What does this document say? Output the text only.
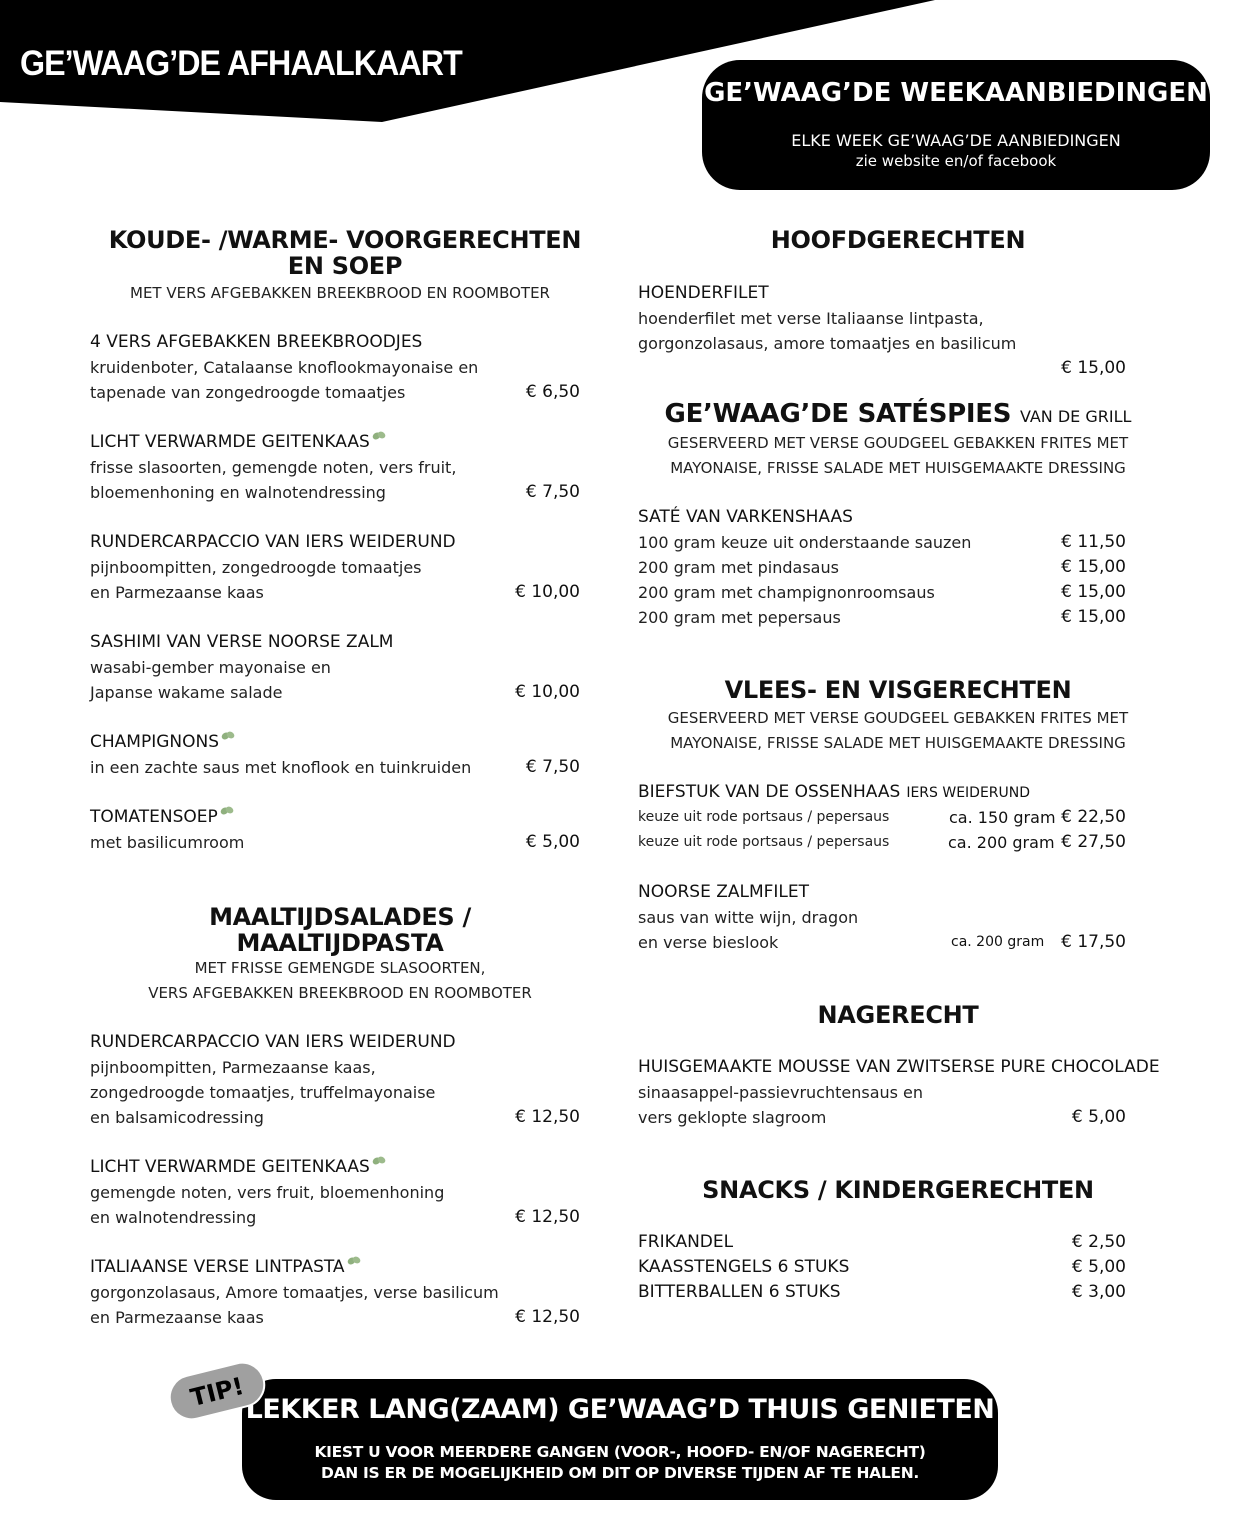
GE’WAAG’DE AFHAALKAART
GE’WAAG’DE WEEKAANBIEDINGEN
ELKE WEEK GE’WAAG’DE AANBIEDINGEN
zie website en/of facebook
KOUDE- /WARME- VOORGERECHTEN
EN SOEP
MET VERS AFGEBAKKEN BREEKBROOD EN ROOMBOTER
4 VERS AFGEBAKKEN BREEKBROODJES
kruidenboter, Catalaanse knoflookmayonaise en
tapenade van zongedroogde tomaatjes	€ 6,50
LICHT VERWARMDE GEITENKAAS
frisse slasoorten, gemengde noten, vers fruit,
bloemenhoning en walnotendressing	€ 7,50
RUNDERCARPACCIO VAN IERS WEIDERUND
pijnboompitten, zongedroogde tomaatjes
en Parmezaanse kaas	€ 10,00
SASHIMI VAN VERSE NOORSE ZALM
wasabi-gember mayonaise en
Japanse wakame salade	€ 10,00
CHAMPIGNONS
in een zachte saus met knoflook en tuinkruiden	€ 7,50
TOMATENSOEP
met basilicumroom	€ 5,00
MAALTIJDSALADES /
MAALTIJDPASTA
MET FRISSE GEMENGDE SLASOORTEN,
VERS AFGEBAKKEN BREEKBROOD EN ROOMBOTER
RUNDERCARPACCIO VAN IERS WEIDERUND
pijnboompitten, Parmezaanse kaas,
zongedroogde tomaatjes, truffelmayonaise
en balsamicodressing	€ 12,50
LICHT VERWARMDE GEITENKAAS
gemengde noten, vers fruit, bloemenhoning
en walnotendressing	€ 12,50
ITALIAANSE VERSE LINTPASTA
gorgonzolasaus, Amore tomaatjes, verse basilicum
en Parmezaanse kaas	€ 12,50
HOOFDGERECHTEN
HOENDERFILET
hoenderfilet met verse Italiaanse lintpasta,
gorgonzolasaus, amore tomaatjes en basilicum
€ 15,00
GE’WAAG’DE SATÉSPIES VAN DE GRILL
GESERVEERD MET VERSE GOUDGEEL GEBAKKEN FRITES MET
MAYONAISE, FRISSE SALADE MET HUISGEMAAKTE DRESSING
SATÉ VAN VARKENSHAAS
100 gram keuze uit onderstaande sauzen	€ 11,50
200 gram met pindasaus	€ 15,00
200 gram met champignonroomsaus	€ 15,00
200 gram met pepersaus	€ 15,00
VLEES- EN VISGERECHTEN
GESERVEERD MET VERSE GOUDGEEL GEBAKKEN FRITES MET
MAYONAISE, FRISSE SALADE MET HUISGEMAAKTE DRESSING
BIEFSTUK VAN DE OSSENHAAS IERS WEIDERUND
keuze uit rode portsaus / pepersaus	ca. 150 gram € 22,50
keuze uit rode portsaus / pepersaus	ca. 200 gram € 27,50
NOORSE ZALMFILET
saus van witte wijn, dragon
en verse bieslook	ca. 200 gram € 17,50
NAGERECHT
HUISGEMAAKTE MOUSSE VAN ZWITSERSE PURE CHOCOLADE
sinaasappel-passievruchtensaus en
vers geklopte slagroom	€ 5,00
SNACKS / KINDERGERECHTEN
FRIKANDEL	€ 2,50
KAASSTENGELS 6 STUKS	€ 5,00
BITTERBALLEN 6 STUKS	€ 3,00
LEKKER LANG(ZAAM) GE’WAAG’D THUIS GENIETEN
KIEST U VOOR MEERDERE GANGEN (VOOR-, HOOFD- EN/OF NAGERECHT)
DAN IS ER DE MOGELIJKHEID OM DIT OP DIVERSE TIJDEN AF TE HALEN.
TIP!
